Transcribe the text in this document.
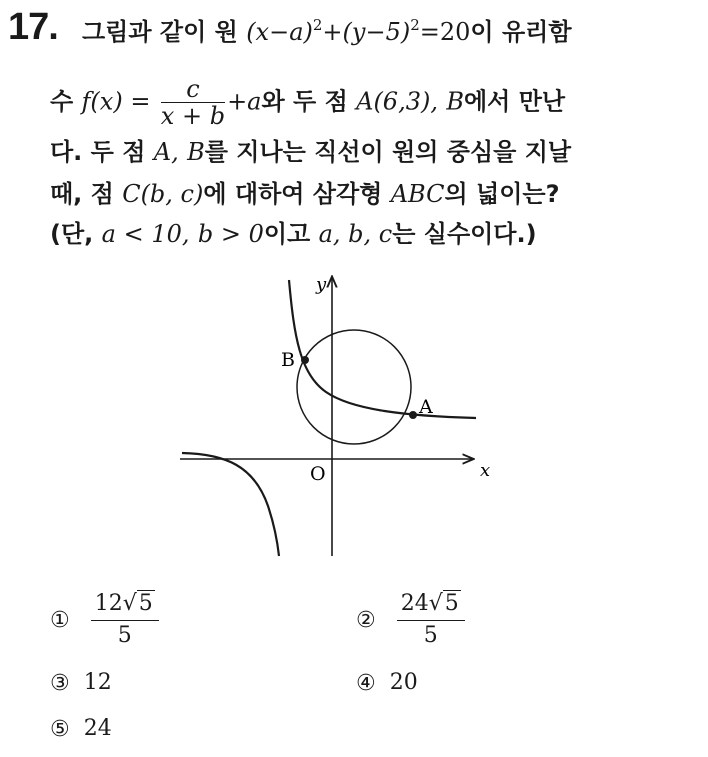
17. 그림과 같이 원 $(x-a)^2+(y-5)^2=20$이 유리함
수 $f(x) = \frac{c}{x + b} +a$와 두 점 A(6,3), B에서 만난
다. 두 점 A, B를 지나는 직선이 원의 중심을 지날
때, 점 C(b, c)에 대하여 삼각형 ABC의 넓이는?
(단, a < 10, b > 0이고 a, b, c는 실수이다.)
y
x
O
A
B
① $\frac{12√5}{5}$	② $\frac{24√5}{5}$
③ 12	④ 20
⑤ 24
